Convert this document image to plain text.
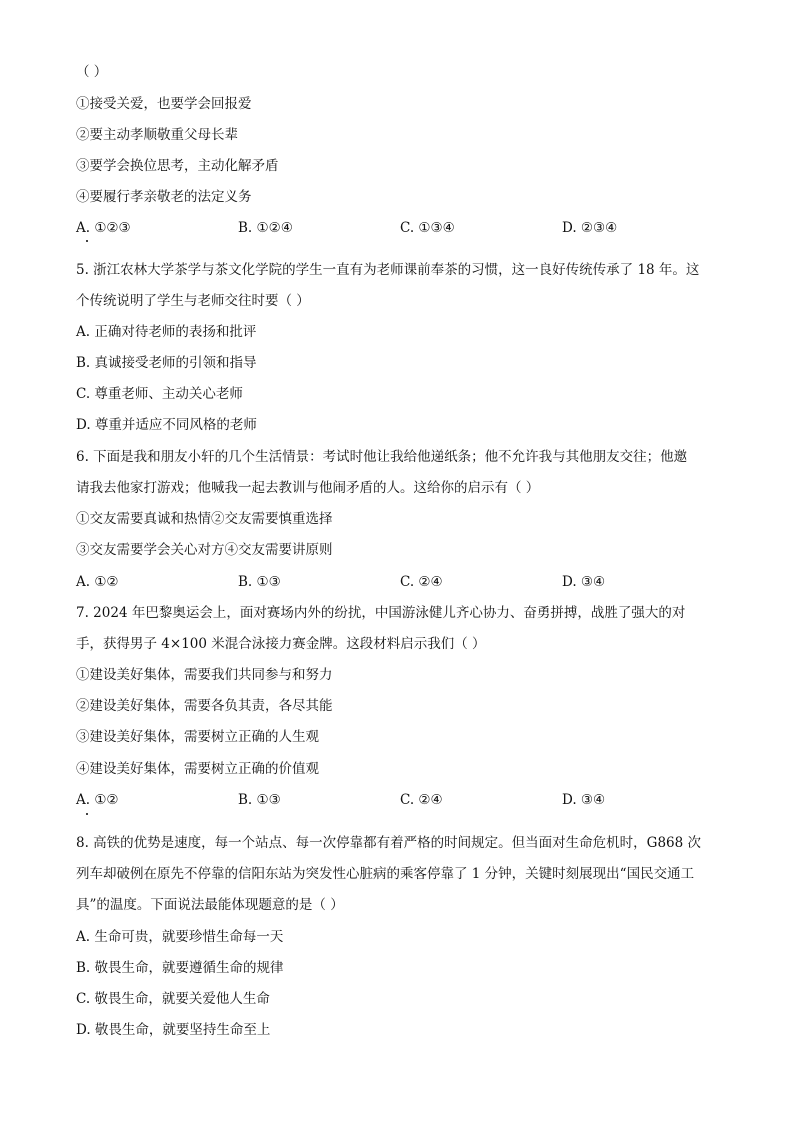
（ ）
①接受关爱，也要学会回报爱
②要主动孝顺敬重父母长辈
③要学会换位思考，主动化解矛盾
④要履行孝亲敬老的法定义务
A. ①②③	B. ①②④	C. ①③④	D. ②③④
5. 浙江农林大学茶学与茶文化学院的学生一直有为老师课前奉茶的习惯，这一良好传统传承了 18 年。这
个传统说明了学生与老师交往时要（ ）
A. 正确对待老师的表扬和批评
B. 真诚接受老师的引领和指导
C. 尊重老师、主动关心老师
D. 尊重并适应不同风格的老师
6. 下面是我和朋友小轩的几个生活情景：考试时他让我给他递纸条；他不允许我与其他朋友交往；他邀
请我去他家打游戏；他喊我一起去教训与他闹矛盾的人。这给你的启示有（ ）
①交友需要真诚和热情②交友需要慎重选择
③交友需要学会关心对方④交友需要讲原则
A. ①②	B. ①③	C. ②④	D. ③④
7. 2024 年巴黎奥运会上，面对赛场内外的纷扰，中国游泳健儿齐心协力、奋勇拼搏，战胜了强大的对
手，获得男子 4×100 米混合泳接力赛金牌。这段材料启示我们（ ）
①建设美好集体，需要我们共同参与和努力
②建设美好集体，需要各负其责，各尽其能
③建设美好集体，需要树立正确的人生观
④建设美好集体，需要树立正确的价值观
A. ①②	B. ①③	C. ②④	D. ③④
8. 高铁的优势是速度，每一个站点、每一次停靠都有着严格的时间规定。但当面对生命危机时，G868 次
列车却破例在原先不停靠的信阳东站为突发性心脏病的乘客停靠了 1 分钟，关键时刻展现出“国民交通工
具”的温度。下面说法最能体现题意的是（ ）
A. 生命可贵，就要珍惜生命每一天
B. 敬畏生命，就要遵循生命的规律
C. 敬畏生命，就要关爱他人生命
D. 敬畏生命，就要坚持生命至上
